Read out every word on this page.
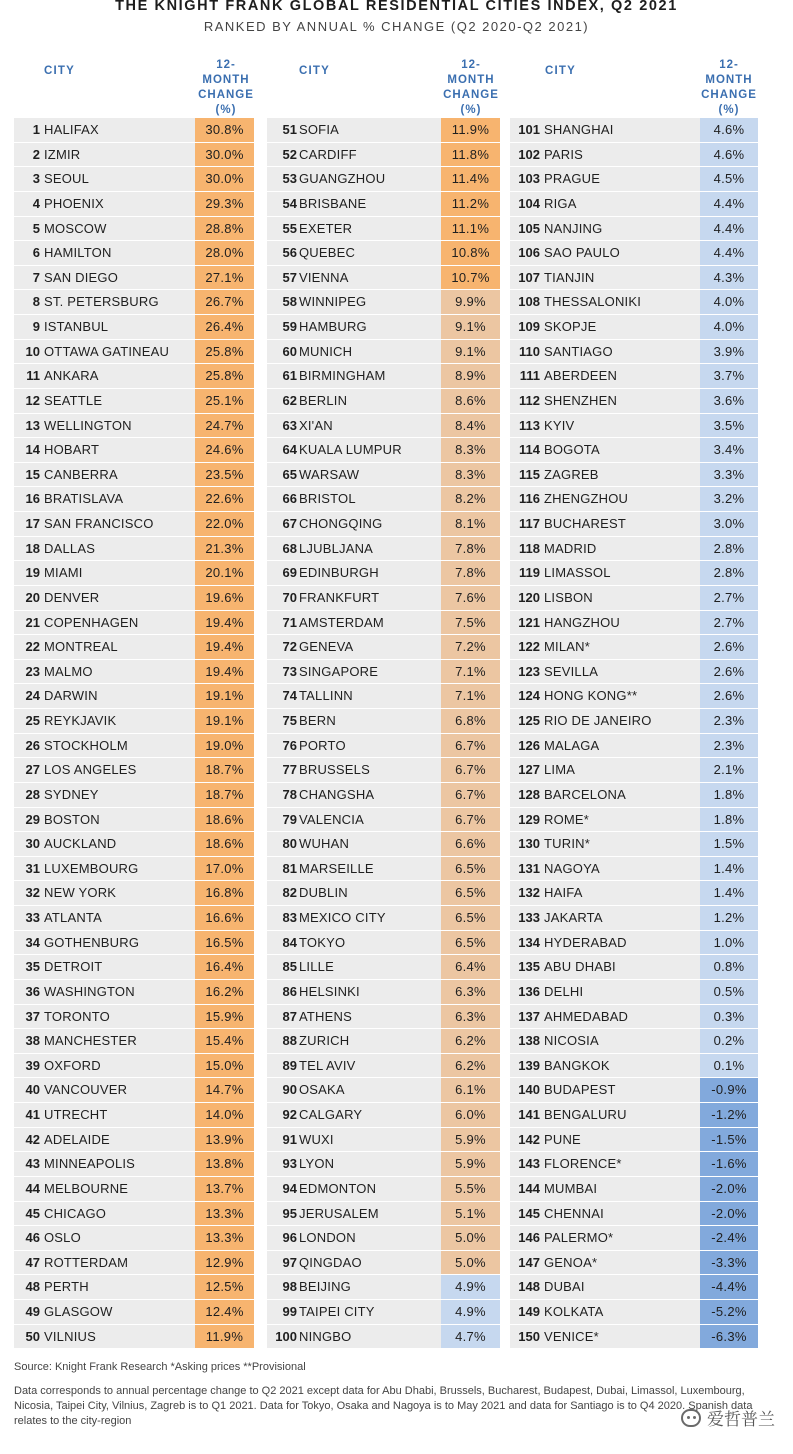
THE KNIGHT FRANK GLOBAL RESIDENTIAL CITIES INDEX, Q2 2021
RANKED BY ANNUAL % CHANGE (Q2 2020-Q2 2021)
CITY	12-
MONTH
CHANGE
(%)
CITY	12-
MONTH
CHANGE
(%)
CITY	12-
MONTH
CHANGE
(%)
1 HALIFAX	30.8%
2 IZMIR	30.0%
3 SEOUL	30.0%
4 PHOENIX	29.3%
5 MOSCOW	28.8%
6 HAMILTON	28.0%
7 SAN DIEGO	27.1%
8 ST. PETERSBURG	26.7%
9 ISTANBUL	26.4%
10 OTTAWA GATINEAU	25.8%
11 ANKARA	25.8%
12 SEATTLE	25.1%
13 WELLINGTON	24.7%
14 HOBART	24.6%
15 CANBERRA	23.5%
16 BRATISLAVA	22.6%
17 SAN FRANCISCO	22.0%
18 DALLAS	21.3%
19 MIAMI	20.1%
20 DENVER	19.6%
21 COPENHAGEN	19.4%
22 MONTREAL	19.4%
23 MALMO	19.4%
24 DARWIN	19.1%
25 REYKJAVIK	19.1%
26 STOCKHOLM	19.0%
27 LOS ANGELES	18.7%
28 SYDNEY	18.7%
29 BOSTON	18.6%
30 AUCKLAND	18.6%
31 LUXEMBOURG	17.0%
32 NEW YORK	16.8%
33 ATLANTA	16.6%
34 GOTHENBURG	16.5%
35 DETROIT	16.4%
36 WASHINGTON	16.2%
37 TORONTO	15.9%
38 MANCHESTER	15.4%
39 OXFORD	15.0%
40 VANCOUVER	14.7%
41 UTRECHT	14.0%
42 ADELAIDE	13.9%
43 MINNEAPOLIS	13.8%
44 MELBOURNE	13.7%
45 CHICAGO	13.3%
46 OSLO	13.3%
47 ROTTERDAM	12.9%
48 PERTH	12.5%
49 GLASGOW	12.4%
50 VILNIUS	11.9%
51 SOFIA	11.9%
52 CARDIFF	11.8%
53 GUANGZHOU	11.4%
54 BRISBANE	11.2%
55 EXETER	11.1%
56 QUEBEC	10.8%
57 VIENNA	10.7%
58 WINNIPEG	9.9%
59 HAMBURG	9.1%
60 MUNICH	9.1%
61 BIRMINGHAM	8.9%
62 BERLIN	8.6%
63 XI'AN	8.4%
64 KUALA LUMPUR	8.3%
65 WARSAW	8.3%
66 BRISTOL	8.2%
67 CHONGQING	8.1%
68 LJUBLJANA	7.8%
69 EDINBURGH	7.8%
70 FRANKFURT	7.6%
71 AMSTERDAM	7.5%
72 GENEVA	7.2%
73 SINGAPORE	7.1%
74 TALLINN	7.1%
75 BERN	6.8%
76 PORTO	6.7%
77 BRUSSELS	6.7%
78 CHANGSHA	6.7%
79 VALENCIA	6.7%
80 WUHAN	6.6%
81 MARSEILLE	6.5%
82 DUBLIN	6.5%
83 MEXICO CITY	6.5%
84 TOKYO	6.5%
85 LILLE	6.4%
86 HELSINKI	6.3%
87 ATHENS	6.3%
88 ZURICH	6.2%
89 TEL AVIV	6.2%
90 OSAKA	6.1%
92 CALGARY	6.0%
91 WUXI	5.9%
93 LYON	5.9%
94 EDMONTON	5.5%
95 JERUSALEM	5.1%
96 LONDON	5.0%
97 QINGDAO	5.0%
98 BEIJING	4.9%
99 TAIPEI CITY	4.9%
100 NINGBO	4.7%
101 SHANGHAI	4.6%
102 PARIS	4.6%
103 PRAGUE	4.5%
104 RIGA	4.4%
105 NANJING	4.4%
106 SAO PAULO	4.4%
107 TIANJIN	4.3%
108 THESSALONIKI	4.0%
109 SKOPJE	4.0%
110 SANTIAGO	3.9%
111 ABERDEEN	3.7%
112 SHENZHEN	3.6%
113 KYIV	3.5%
114 BOGOTA	3.4%
115 ZAGREB	3.3%
116 ZHENGZHOU	3.2%
117 BUCHAREST	3.0%
118 MADRID	2.8%
119 LIMASSOL	2.8%
120 LISBON	2.7%
121 HANGZHOU	2.7%
122 MILAN*	2.6%
123 SEVILLA	2.6%
124 HONG KONG**	2.6%
125 RIO DE JANEIRO	2.3%
126 MALAGA	2.3%
127 LIMA	2.1%
128 BARCELONA	1.8%
129 ROME*	1.8%
130 TURIN*	1.5%
131 NAGOYA	1.4%
132 HAIFA	1.4%
133 JAKARTA	1.2%
134 HYDERABAD	1.0%
135 ABU DHABI	0.8%
136 DELHI	0.5%
137 AHMEDABAD	0.3%
138 NICOSIA	0.2%
139 BANGKOK	0.1%
140 BUDAPEST	-0.9%
141 BENGALURU	-1.2%
142 PUNE	-1.5%
143 FLORENCE*	-1.6%
144 MUMBAI	-2.0%
145 CHENNAI	-2.0%
146 PALERMO*	-2.4%
147 GENOA*	-3.3%
148 DUBAI	-4.4%
149 KOLKATA	-5.2%
150 VENICE*	-6.3%
Source: Knight Frank Research *Asking prices **Provisional
Data corresponds to annual percentage change to Q2 2021 except data for Abu Dhabi, Brussels, Bucharest, Budapest, Dubai, Limassol, Luxembourg, Nicosia, Taipei City, Vilnius, Zagreb is to Q1 2021. Data for Tokyo, Osaka and Nagoya is to May 2021 and data for Santiago is to Q4 2020. Spanish data relates to the city-region	爱哲普兰
